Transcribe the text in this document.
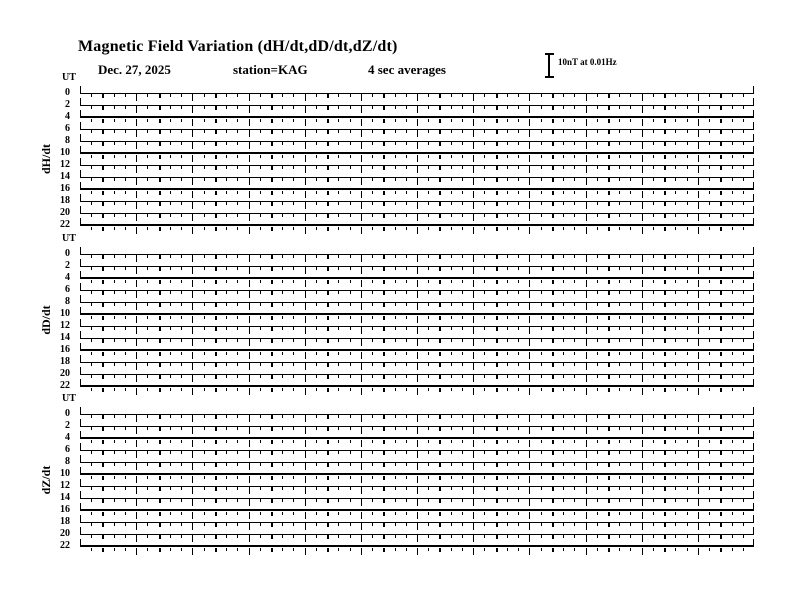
Magnetic Field Variation (dH/dt,dD/dt,dZ/dt)
Dec. 27, 2025	station=KAG	4 sec averages	10nT at 0.01Hz
UT
dH/dt
0
2
4
6
8
10
12
14
16
18
20
22
UT
dD/dt
0
2
4
6
8
10
12
14
16
18
20
22
UT
dZ/dt
0
2
4
6
8
10
12
14
16
18
20
22
